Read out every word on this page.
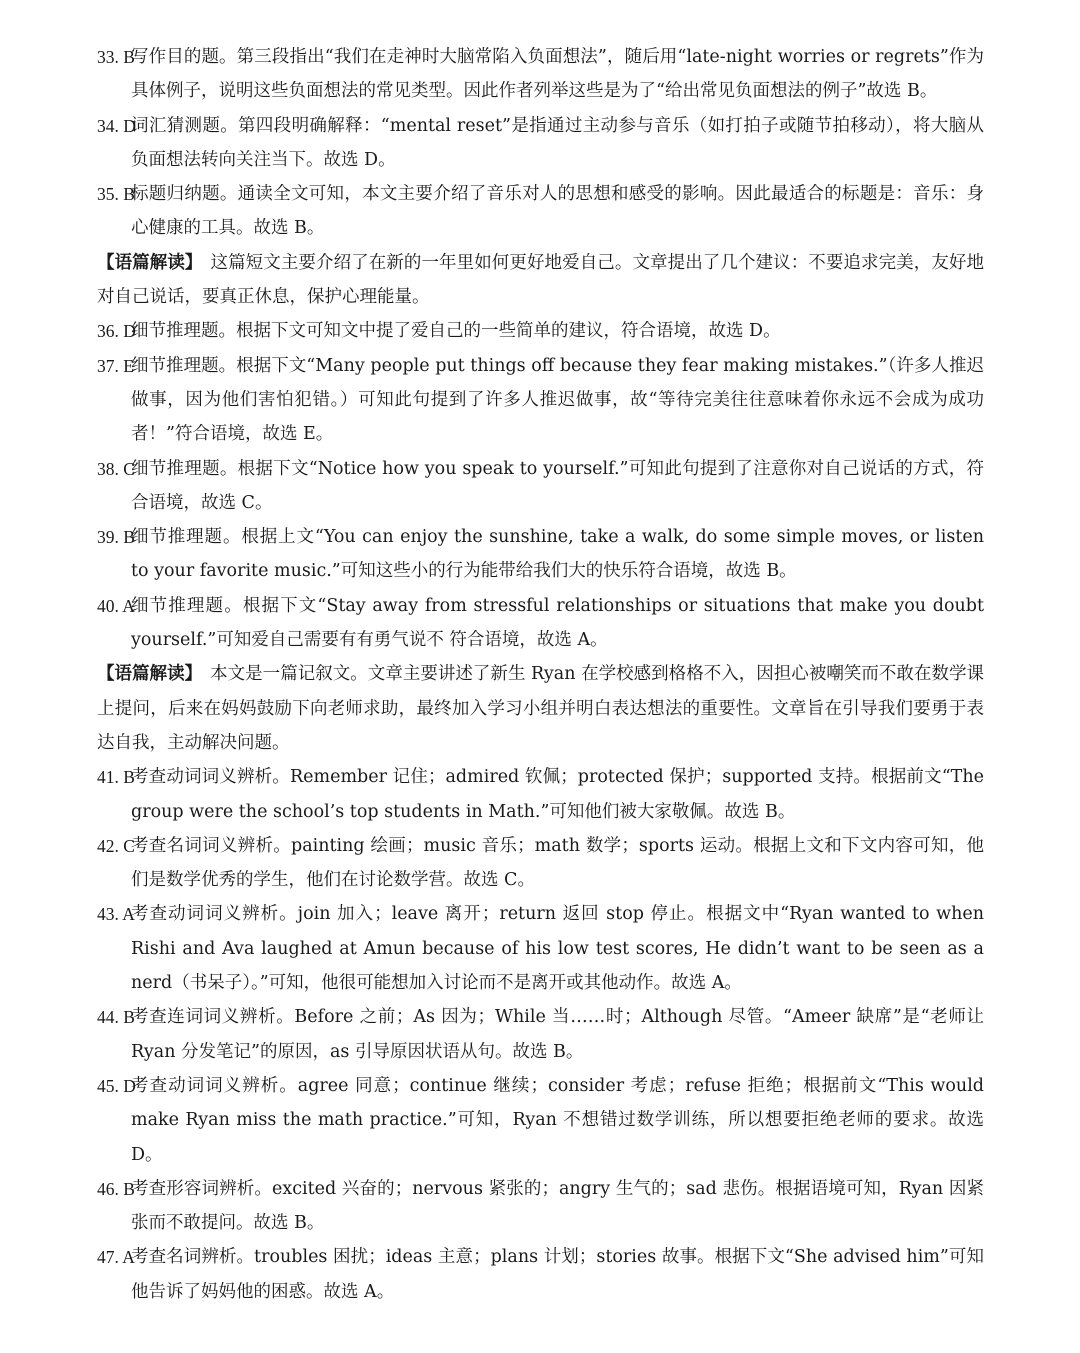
33. B
写作目的题。第三段指出“我们在走神时大脑常陷入负面想法”，随后用“late-night worries or regrets”作为具体例子，说明这些负面想法的常见类型。因此作者列举这些是为了“给出常见负面想法的例子”故选 B。
34. D
词汇猜测题。第四段明确解释：“mental reset”是指通过主动参与音乐（如打拍子或随节拍移动），将大脑从负面想法转向关注当下。故选 D。
35. B
标题归纳题。通读全文可知，本文主要介绍了音乐对人的思想和感受的影响。因此最适合的标题是：音乐：身心健康的工具。故选 B。
【语篇解读】 这篇短文主要介绍了在新的一年里如何更好地爱自己。文章提出了几个建议：不要追求完美，友好地对自己说话，要真正休息，保护心理能量。
36. D
细节推理题。根据下文可知文中提了爱自己的一些简单的建议，符合语境，故选 D。
37. E
细节推理题。根据下文“Many people put things off because they fear making mistakes.”（许多人推迟做事，因为他们害怕犯错。）可知此句提到了许多人推迟做事，故“等待完美往往意味着你永远不会成为成功者！”符合语境，故选 E。
38. C
细节推理题。根据下文“Notice how you speak to yourself.”可知此句提到了注意你对自己说话的方式，符合语境，故选 C。
39. B
细节推理题。根据上文“You can enjoy the sunshine, take a walk, do some simple moves, or listen to your favorite music.”可知这些小的行为能带给我们大的快乐符合语境，故选 B。
40. A
细节推理题。根据下文“Stay away from stressful relationships or situations that make you doubt yourself.”可知爱自己需要有有勇气说不 符合语境，故选 A。
【语篇解读】 本文是一篇记叙文。文章主要讲述了新生 Ryan 在学校感到格格不入，因担心被嘲笑而不敢在数学课上提问，后来在妈妈鼓励下向老师求助，最终加入学习小组并明白表达想法的重要性。文章旨在引导我们要勇于表达自我，主动解决问题。
41. B
考查动词词义辨析。Remember 记住；admired 钦佩；protected 保护；supported 支持。根据前文“The group were the school’s top students in Math.”可知他们被大家敬佩。故选 B。
42. C
考查名词词义辨析。painting 绘画；music 音乐；math 数学；sports 运动。根据上文和下文内容可知，他们是数学优秀的学生，他们在讨论数学营。故选 C。
43. A
考查动词词义辨析。join 加入；leave 离开；return 返回 stop 停止。根据文中“Ryan wanted to when Rishi and Ava laughed at Amun because of his low test scores, He didn’t want to be seen as a nerd（书呆子）。”可知，他很可能想加入讨论而不是离开或其他动作。故选 A。
44. B
考查连词词义辨析。Before 之前；As 因为；While 当……时；Although 尽管。“Ameer 缺席”是“老师让 Ryan 分发笔记”的原因，as 引导原因状语从句。故选 B。
45. D
考查动词词义辨析。agree 同意；continue 继续；consider 考虑；refuse 拒绝；根据前文“This would make Ryan miss the math practice.”可知，Ryan 不想错过数学训练，所以想要拒绝老师的要求。故选 D。
46. B
考查形容词辨析。excited 兴奋的；nervous 紧张的；angry 生气的；sad 悲伤。根据语境可知，Ryan 因紧张而不敢提问。故选 B。
47. A
考查名词辨析。troubles 困扰；ideas 主意；plans 计划；stories 故事。根据下文“She advised him”可知他告诉了妈妈他的困惑。故选 A。
